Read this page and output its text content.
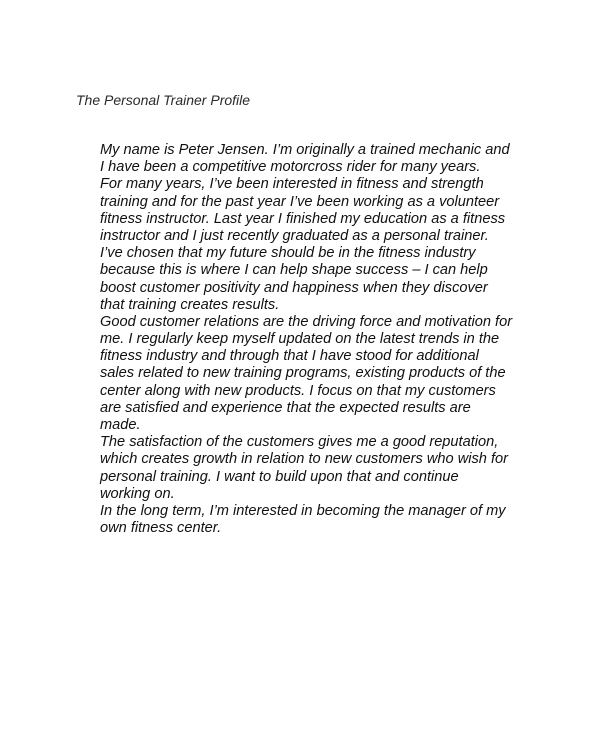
The Personal Trainer Profile

My name is Peter Jensen. I’m originally a trained mechanic and
I have been a competitive motorcross rider for many years.

For many years, I’ve been interested in fitness and strength
training and for the past year I’ve been working as a volunteer
fitness instructor. Last year I finished my education as a fitness
instructor and I just recently graduated as a personal trainer.

I’ve chosen that my future should be in the fitness industry
because this is where I can help shape success – I can help
boost customer positivity and happiness when they discover
that training creates results.

Good customer relations are the driving force and motivation for
me. I regularly keep myself updated on the latest trends in the
fitness industry and through that I have stood for additional
sales related to new training programs, existing products of the
center along with new products. I focus on that my customers
are satisfied and experience that the expected results are
made.

The satisfaction of the customers gives me a good reputation,
which creates growth in relation to new customers who wish for
personal training. I want to build upon that and continue
working on.

In the long term, I’m interested in becoming the manager of my
own fitness center.
